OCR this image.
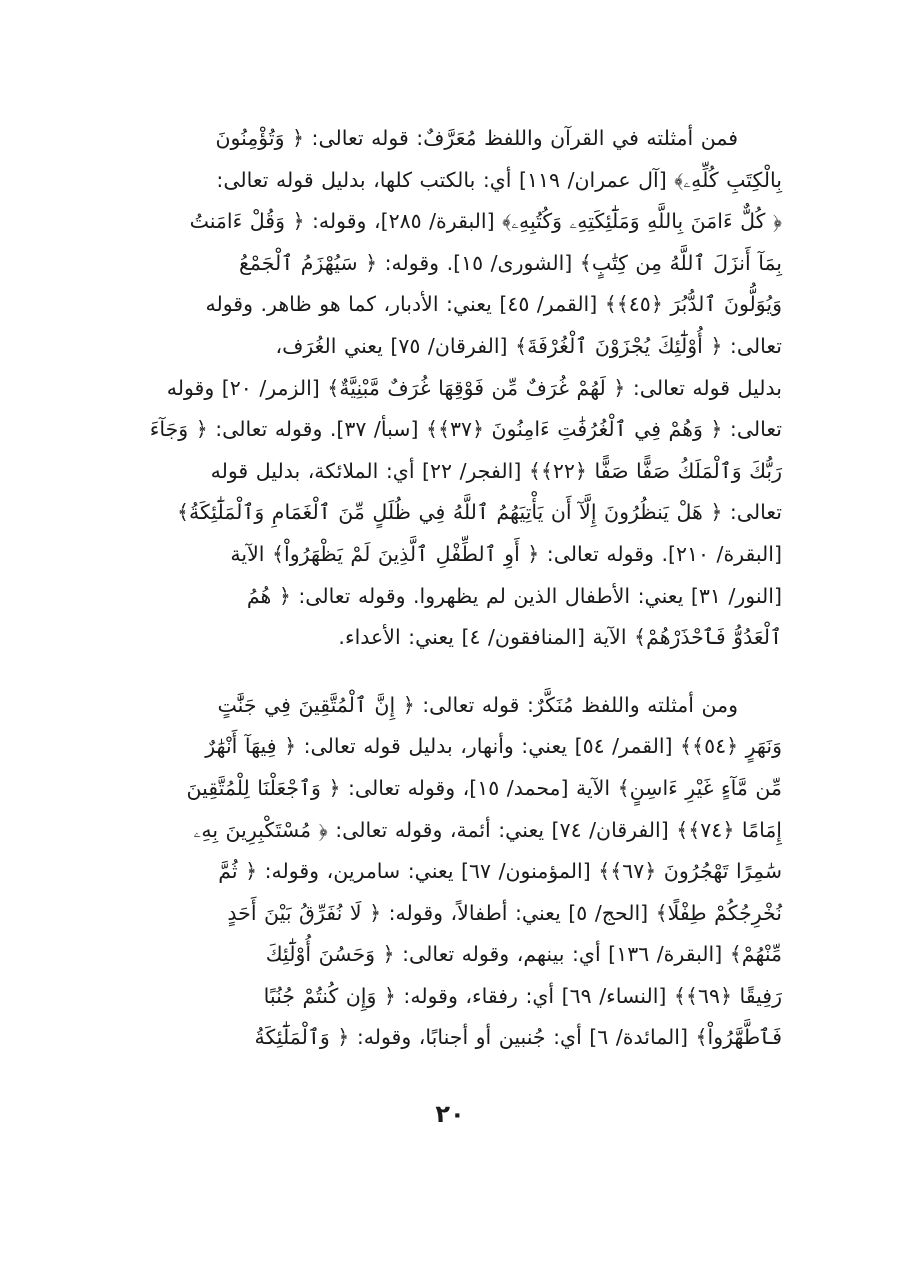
فمن أمثلته في القرآن واللفظ مُعَرَّفٌ: قوله تعالى: ﴿ وَتُؤْمِنُونَ

بِالْكِتَبِ كُلِّهِۦ﴾ [آل عمران/ ١١٩] أي: بالكتب كلها، بدليل قوله تعالى:

﴿ كُلٌّ ءَامَنَ بِاللَّهِ وَمَلَٰٓئِكَتِهِۦ وَكُتُبِهِۦ﴾ [البقرة/ ٢٨٥]، وقوله: ﴿ وَقُلْ ءَامَنتُ

بِمَآ أَنزَلَ ٱللَّهُ مِن كِتَٰبٍ﴾ [الشورى/ ١٥]. وقوله: ﴿ سَيُهْزَمُ ٱلْجَمْعُ

وَيُوَلُّونَ ٱلدُّبُرَ ﴿٤٥﴾﴾ [القمر/ ٤٥] يعني: الأدبار، كما هو ظاهر. وقوله

تعالى: ﴿ أُوْلَٰٓئِكَ يُجْزَوْنَ ٱلْغُرْفَةَ﴾ [الفرقان/ ٧٥] يعني الغُرَف،

بدليل قوله تعالى: ﴿ لَهُمْ غُرَفٌ مِّن فَوْقِهَا غُرَفٌ مَّبْنِيَّةٌ﴾ [الزمر/ ٢٠] وقوله

تعالى: ﴿ وَهُمْ فِي ٱلْغُرُفَٰتِ ءَامِنُونَ ﴿٣٧﴾﴾ [سبأ/ ٣٧]. وقوله تعالى: ﴿ وَجَآءَ

رَبُّكَ وَٱلْمَلَكُ صَفًّا صَفًّا ﴿٢٢﴾﴾ [الفجر/ ٢٢] أي: الملائكة، بدليل قوله

تعالى: ﴿ هَلْ يَنظُرُونَ إِلَّآ أَن يَأْتِيَهُمُ ٱللَّهُ فِي ظُلَلٍ مِّنَ ٱلْغَمَامِ وَٱلْمَلَٰٓئِكَةُ﴾

[البقرة/ ٢١٠]. وقوله تعالى: ﴿ أَوِ ٱلطِّفْلِ ٱلَّذِينَ لَمْ يَظْهَرُواْ﴾ الآية

[النور/ ٣١] يعني: الأطفال الذين لم يظهروا. وقوله تعالى: ﴿ هُمُ

ٱلْعَدُوُّ فَٱحْذَرْهُمْ﴾ الآية [المنافقون/ ٤] يعني: الأعداء.

ومن أمثلته واللفظ مُنَكَّرٌ: قوله تعالى: ﴿ إِنَّ ٱلْمُتَّقِينَ فِي جَنَّٰتٍ

وَنَهَرٍ ﴿٥٤﴾﴾ [القمر/ ٥٤] يعني: وأنهار، بدليل قوله تعالى: ﴿ فِيهَآ أَنْهَٰرٌ

مِّن مَّآءٍ غَيْرِ ءَاسِنٍ﴾ الآية [محمد/ ١٥]، وقوله تعالى: ﴿ وَٱجْعَلْنَا لِلْمُتَّقِينَ

إِمَامًا ﴿٧٤﴾﴾ [الفرقان/ ٧٤] يعني: أئمة، وقوله تعالى: ﴿ مُسْتَكْبِرِينَ بِهِۦ

سَٰمِرًا تَهْجُرُونَ ﴿٦٧﴾﴾ [المؤمنون/ ٦٧] يعني: سامرين، وقوله: ﴿ ثُمَّ

نُخْرِجُكُمْ طِفْلًا﴾ [الحج/ ٥] يعني: أطفالاً، وقوله: ﴿ لَا نُفَرِّقُ بَيْنَ أَحَدٍ

مِّنْهُمْ﴾ [البقرة/ ١٣٦] أي: بينهم، وقوله تعالى: ﴿ وَحَسُنَ أُوْلَٰٓئِكَ

رَفِيقًا ﴿٦٩﴾﴾ [النساء/ ٦٩] أي: رفقاء، وقوله: ﴿ وَإِن كُنتُمْ جُنُبًا

فَٱطَّهَّرُواْ﴾ [المائدة/ ٦] أي: جُنبين أو أجنابًا، وقوله: ﴿ وَٱلْمَلَٰٓئِكَةُ

٢٠
